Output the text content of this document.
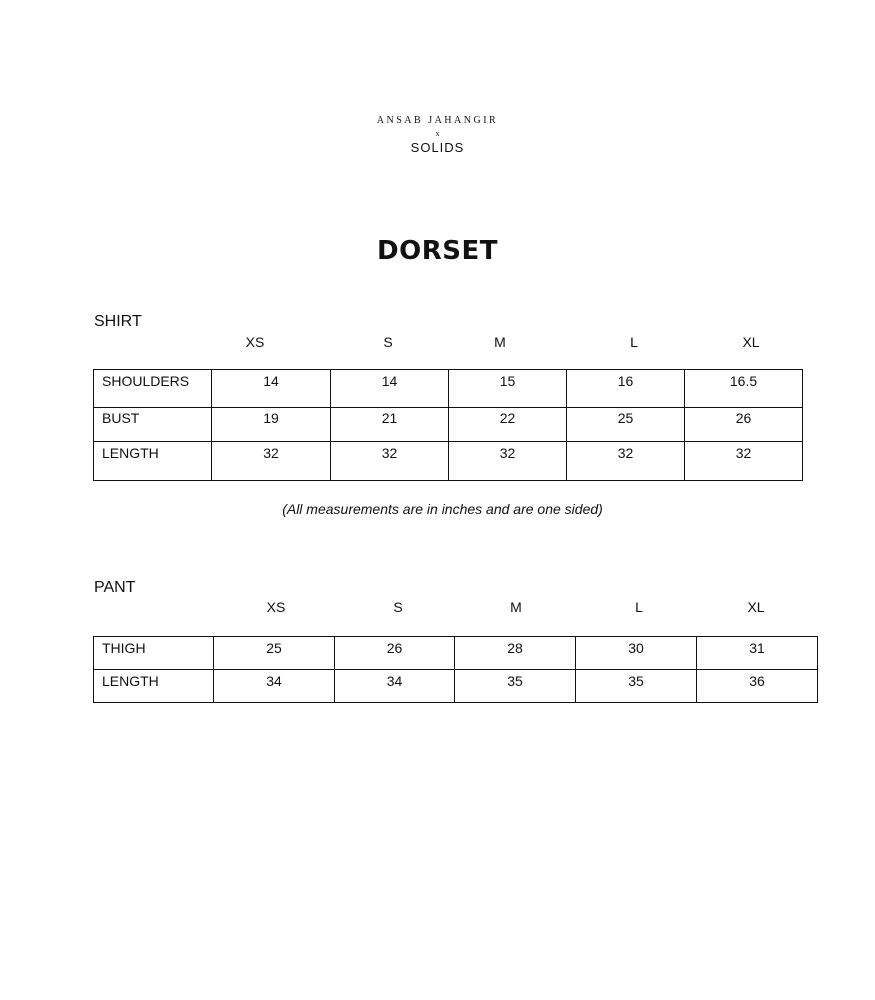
ANSAB JAHANGIR
x
SOLIDS
DORSET
SHIRT
XS	S	M	L	XL
SHOULDERS	14	14	15	16	16.5
BUST	19	21	22	25	26
LENGTH	32	32	32	32	32
(All measurements are in inches and are one sided)
PANT
XS	S	M	L	XL
THIGH	25	26	28	30	31
LENGTH	34	34	35	35	36
